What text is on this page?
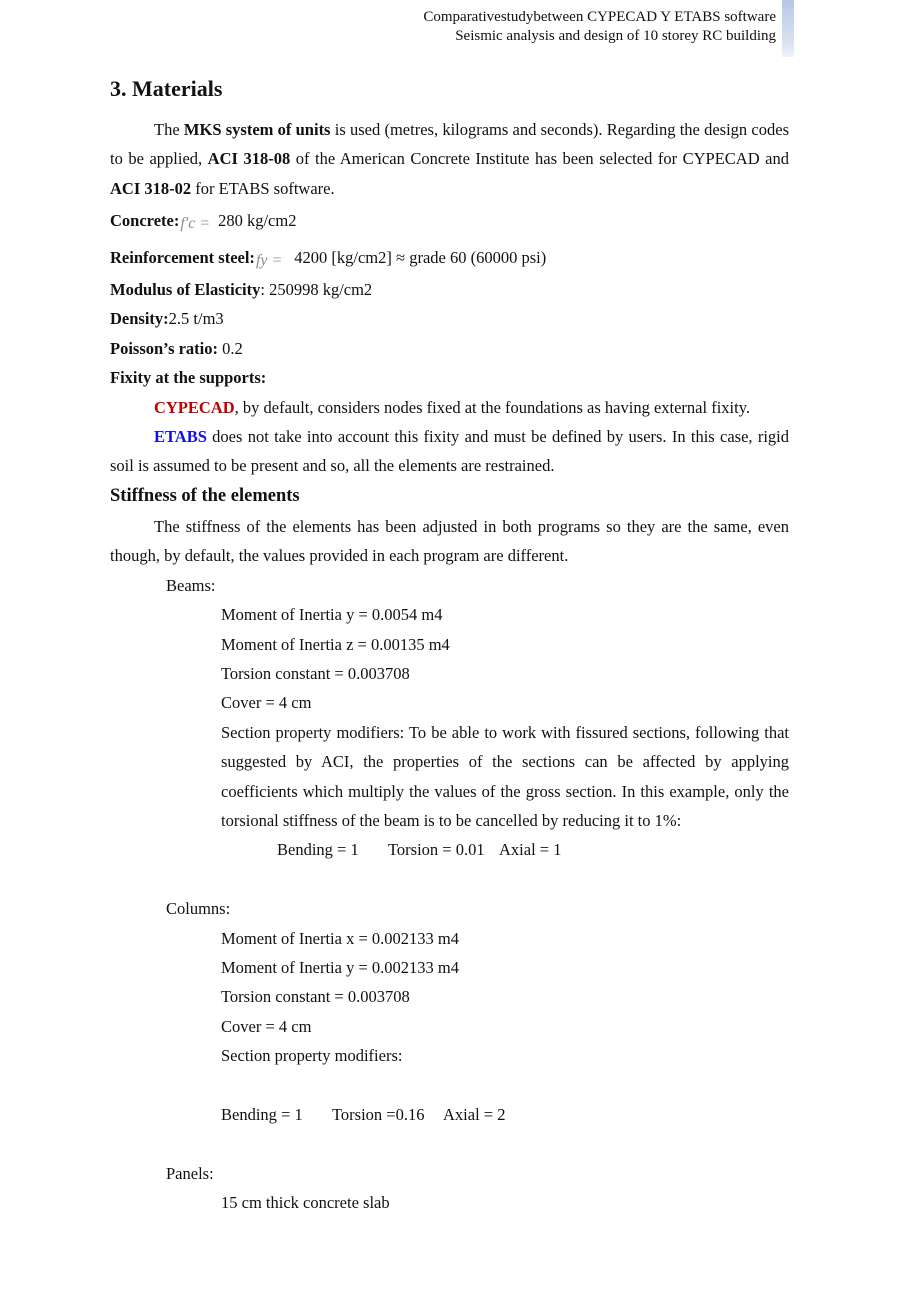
Comparativestudybetween CYPECAD Y ETABS software
Seismic analysis and design of 10 storey RC building
3. Materials

The MKS system of units is used (metres, kilograms and seconds). Regarding the design codes to be applied, ACI 318-08 of the American Concrete Institute has been selected for CYPECAD and ACI 318-02 for ETABS software.

Concrete:f'c = 280 kg/cm2

Reinforcement steel:fy = 4200 [kg/cm2] ≈ grade 60 (60000 psi)

Modulus of Elasticity: 250998 kg/cm2

Density:2.5 t/m3

Poisson’s ratio: 0.2

Fixity at the supports:

CYPECAD, by default, considers nodes fixed at the foundations as having external fixity.

ETABS does not take into account this fixity and must be defined by users. In this case, rigid soil is assumed to be present and so, all the elements are restrained.

Stiffness of the elements

The stiffness of the elements has been adjusted in both programs so they are the same, even though, by default, the values provided in each program are different.

Beams:

Moment of Inertia y = 0.0054 m4

Moment of Inertia z = 0.00135 m4

Torsion constant = 0.003708

Cover = 4 cm

Section property modifiers: To be able to work with fissured sections, following that suggested by ACI, the properties of the sections can be affected by applying coefficients which multiply the values of the gross section. In this example, only the torsional stiffness of the beam is to be cancelled by reducing it to 1%:

Bending = 1 Torsion = 0.01 Axial = 1

Columns:

Moment of Inertia x = 0.002133 m4

Moment of Inertia y = 0.002133 m4

Torsion constant = 0.003708

Cover = 4 cm

Section property modifiers:

Bending = 1 Torsion =0.16 Axial = 2

Panels:

15 cm thick concrete slab
